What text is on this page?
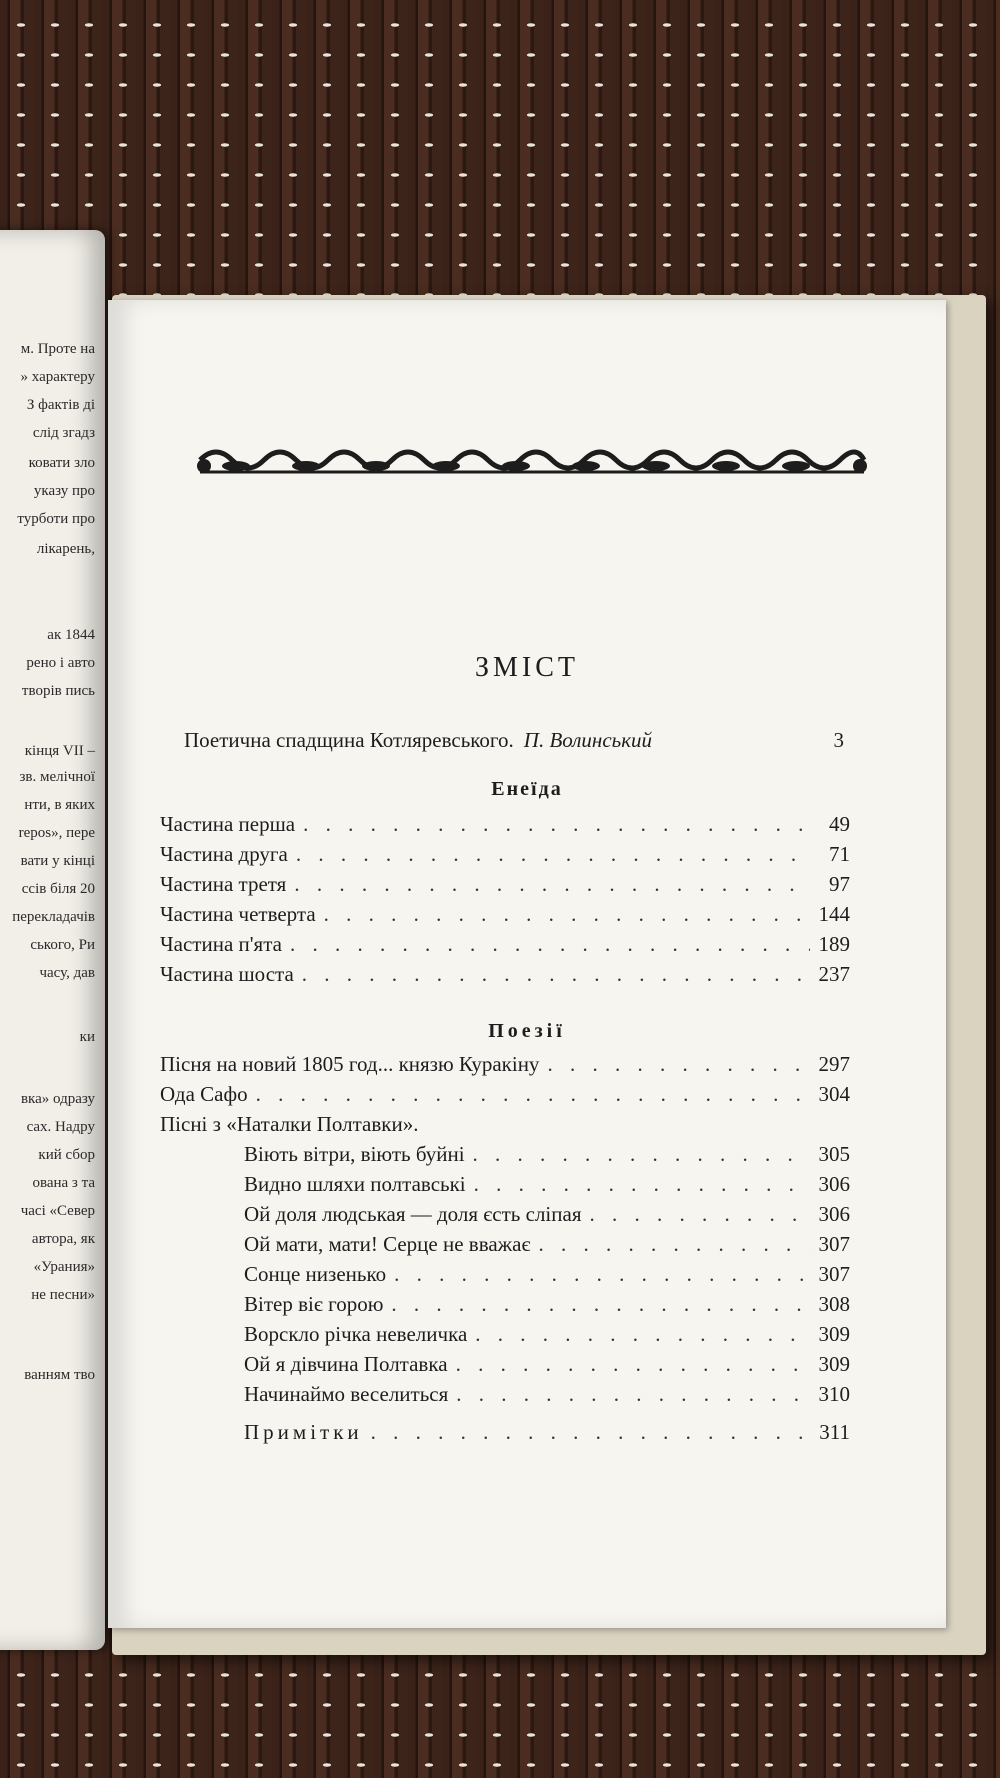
м. Проте на
» характеру
З фактів ді
слід згадз
ковати зло
указу про
турботи про
лікарень,
ак 1844
рено і авто
творів пись
кінця VII –
зв. мелічної
нти, в яких
repos», пере
вати у кінці
ссів біля 20
перекладачів
ського, Ри
часу, дав
ки
вка» одразу
сах. Надру
кий сбор
ована з та
часі «Север
автора, як
«Урания»
не песни»
ванням тво
ЗМІСТ
Поетична спадщина Котляревського. П. Волинський	3
Енеїда
Частина перша . . .	49
Частина друга . . .	71
Частина третя . . .	97
Частина четверта . . .	144
Частина п'ята . . .	189
Частина шоста . . .	237
Поезії
Пісня на новий 1805 год... князю Куракіну . . .	297
Ода Сафо . . .	304
Пісні з «Наталки Полтавки».
Віють вітри, віють буйні . . .	305
Видно шляхи полтавські . . .	306
Ой доля людськая — доля єсть сліпая . . .	306
Ой мати, мати! Серце не вважає . . .	307
Сонце низенько . . .	307
Вітер віє горою . . .	308
Ворскло річка невеличка . . .	309
Ой я дівчина Полтавка . . .	309
Начинаймо веселиться . . .	310
Примітки . . .	311
